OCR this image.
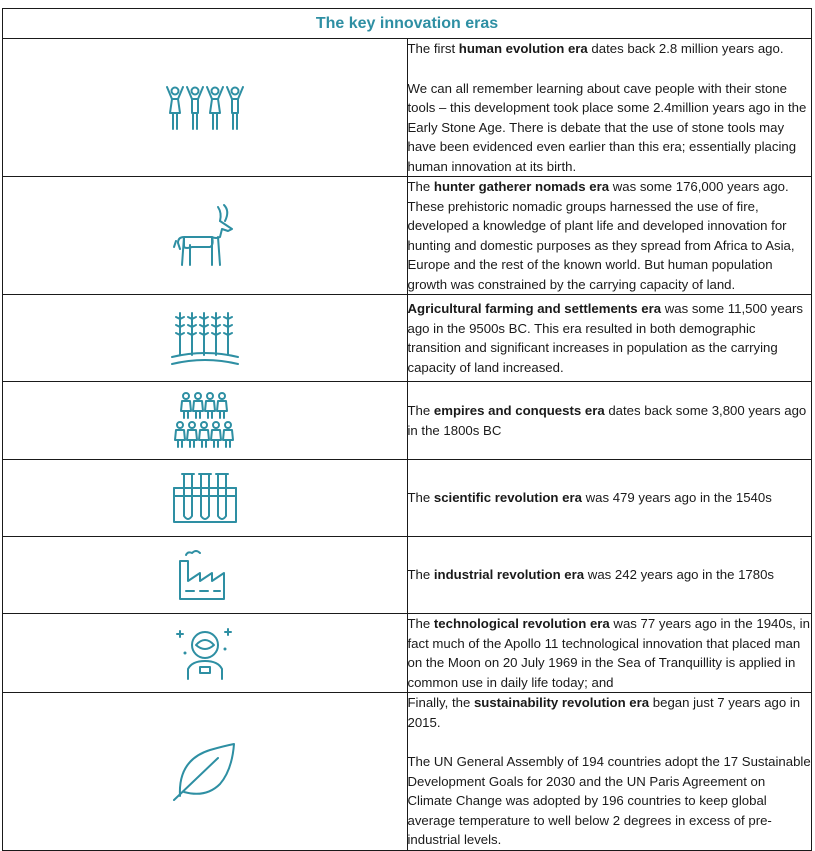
The key innovation eras	

The first human evolution era dates back 2.8 million years ago.

We can all remember learning about cave people with their stone tools – this development took place some 2.4million years ago in the Early Stone Age. There is debate that the use of stone tools may have been evidenced even earlier than this era; essentially placing human innovation at its birth.

The hunter gatherer nomads era was some 176,000 years ago. These prehistoric nomadic groups harnessed the use of fire, developed a knowledge of plant life and developed innovation for hunting and domestic purposes as they spread from Africa to Asia, Europe and the rest of the known world. But human population growth was constrained by the carrying capacity of land.

Agricultural farming and settlements era was some 11,500 years ago in the 9500s BC. This era resulted in both demographic transition and significant increases in population as the carrying capacity of land increased.

The empires and conquests era dates back some 3,800 years ago in the 1800s BC

The scientific revolution era was 479 years ago in the 1540s

The industrial revolution era was 242 years ago in the 1780s

The technological revolution era was 77 years ago in the 1940s, in fact much of the Apollo 11 technological innovation that placed man on the Moon on 20 July 1969 in the Sea of Tranquillity is applied in common use in daily life today; and

Finally, the sustainability revolution era began just 7 years ago in 2015.

The UN General Assembly of 194 countries adopt the 17 Sustainable Development Goals for 2030 and the UN Paris Agreement on Climate Change was adopted by 196 countries to keep global average temperature to well below 2 degrees in excess of pre-industrial levels.
